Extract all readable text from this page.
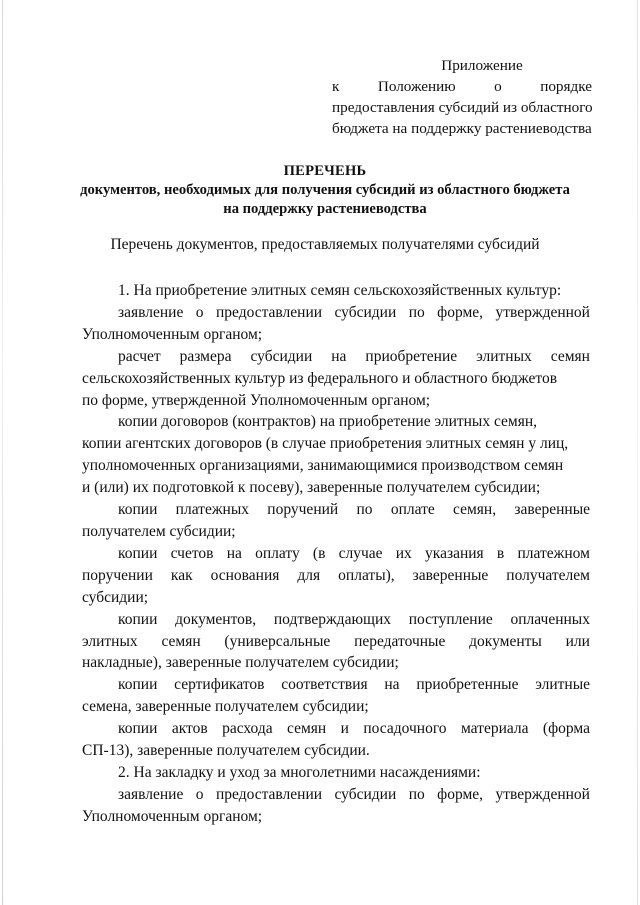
Приложение
к	Положению	о	порядке
предоставления субсидий из областного
бюджета на поддержку растениеводства
ПЕРЕЧЕНЬ
документов, необходимых для получения субсидий из областного бюджета
на поддержку растениеводства
Перечень документов, предоставляемых получателями субсидий
1. На приобретение элитных семян сельскохозяйственных культур:
заявление о предоставлении субсидии по форме, утвержденной
Уполномоченным органом;
расчет размера субсидии на приобретение элитных семян
сельскохозяйственных культур из федерального и областного бюджетов
по форме, утвержденной Уполномоченным органом;
копии договоров (контрактов) на приобретение элитных семян,
копии агентских договоров (в случае приобретения элитных семян у лиц,
уполномоченных организациями, занимающимися производством семян
и (или) их подготовкой к посеву), заверенные получателем субсидии;
копии платежных поручений по оплате семян, заверенные
получателем субсидии;
копии счетов на оплату (в случае их указания в платежном
поручении как основания для оплаты), заверенные получателем
субсидии;
копии документов, подтверждающих поступление оплаченных
элитных семян (универсальные передаточные документы или
накладные), заверенные получателем субсидии;
копии сертификатов соответствия на приобретенные элитные
семена, заверенные получателем субсидии;
копии актов расхода семян и посадочного материала (форма
СП-13), заверенные получателем субсидии.
2. На закладку и уход за многолетними насаждениями:
заявление о предоставлении субсидии по форме, утвержденной
Уполномоченным органом;
